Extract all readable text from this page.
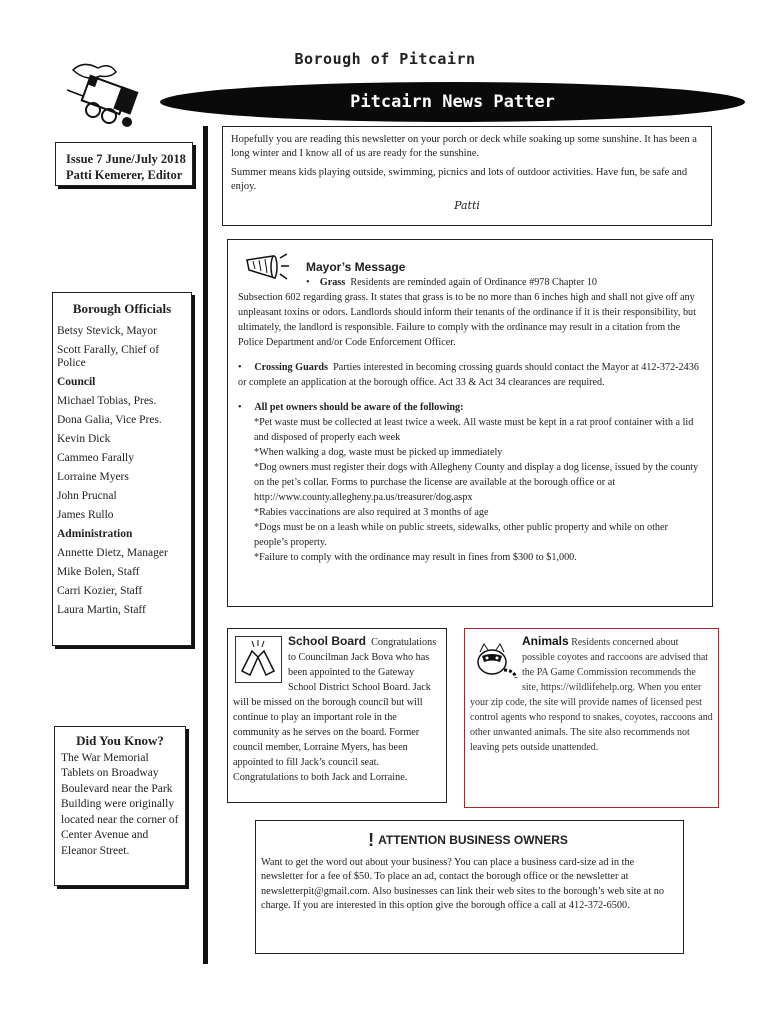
Borough of Pitcairn
Pitcairn News Patter
Issue 7 June/July 2018
Patti Kemerer, Editor

Hopefully you are reading this newsletter on your porch or deck while soaking up some sunshine. It has been a long winter and I know all of us are ready for the sunshine.

Summer means kids playing outside, swimming, picnics and lots of outdoor activities. Have fun, be safe and enjoy.

Patti
Borough Officials
Betsy Stevick, Mayor
Scott Farally, Chief of Police
Council
Michael Tobias, Pres.
Dona Galia, Vice Pres.
Kevin Dick
Cammeo Farally
Lorraine Myers
John Prucnal
James Rullo
Administration
Annette Dietz, Manager
Mike Bolen, Staff
Carri Kozier, Staff
Laura Martin, Staff
Mayor’s Message

•    Grass Residents are reminded again of Ordinance #978 Chapter 10

Subsection 602 regarding grass. It states that grass is to be no more than 6 inches high and shall not give off any unpleasant toxins or odors. Landlords should inform their tenants of the ordinance if it is their responsibility, but ultimately, the landlord is responsible. Failure to comply with the ordinance may result in a citation from the Police Department and/or Code Enforcement Officer.

•     Crossing Guards Parties interested in becoming crossing guards should contact the Mayor at 412-372-2436 or complete an application at the borough office. Act 33 & Act 34 clearances are required.

•     All pet owners should be aware of the following:

*Pet waste must be collected at least twice a week. All waste must be kept in a rat proof container with a lid and disposed of properly each week

*When walking a dog, waste must be picked up immediately

*Dog owners must register their dogs with Allegheny County and display a dog license, issued by the county on the pet’s collar. Forms to purchase the license are available at the borough office or at http://www.county.allegheny.pa.us/treasurer/dog.aspx

*Rabies vaccinations are also required at 3 months of age

*Dogs must be on a leash while on public streets, sidewalks, other public property and while on other people’s property.

*Failure to comply with the ordinance may result in fines from $300 to $1,000.

School Board Congratulations to Councilman Jack Bova who has been appointed to the Gateway School District School Board. Jack will be missed on the borough council but will continue to play an important role in the community as he serves on the board. Former council member, Lorraine Myers, has been appointed to fill Jack’s council seat. Congratulations to both Jack and Lorraine.
Animals Residents concerned about possible coyotes and raccoons are advised that the PA Game Commission recommends the site, https://wildlifehelp.org. When you enter your zip code, the site will provide names of licensed pest control agents who respond to snakes, coyotes, raccoons and other unwanted animals. The site also recommends not leaving pets outside unattended.
Did You Know?
The War Memorial Tablets on Broadway Boulevard near the Park Building were originally located near the corner of Center Avenue and Eleanor Street.
! ATTENTION BUSINESS OWNERS
Want to get the word out about your business? You can place a business card-size ad in the newsletter for a fee of $50. To place an ad, contact the borough office or the newsletter at newsletterpit@gmail.com. Also businesses can link their web sites to the borough’s web site at no charge. If you are interested in this option give the borough office a call at 412-372-6500.
